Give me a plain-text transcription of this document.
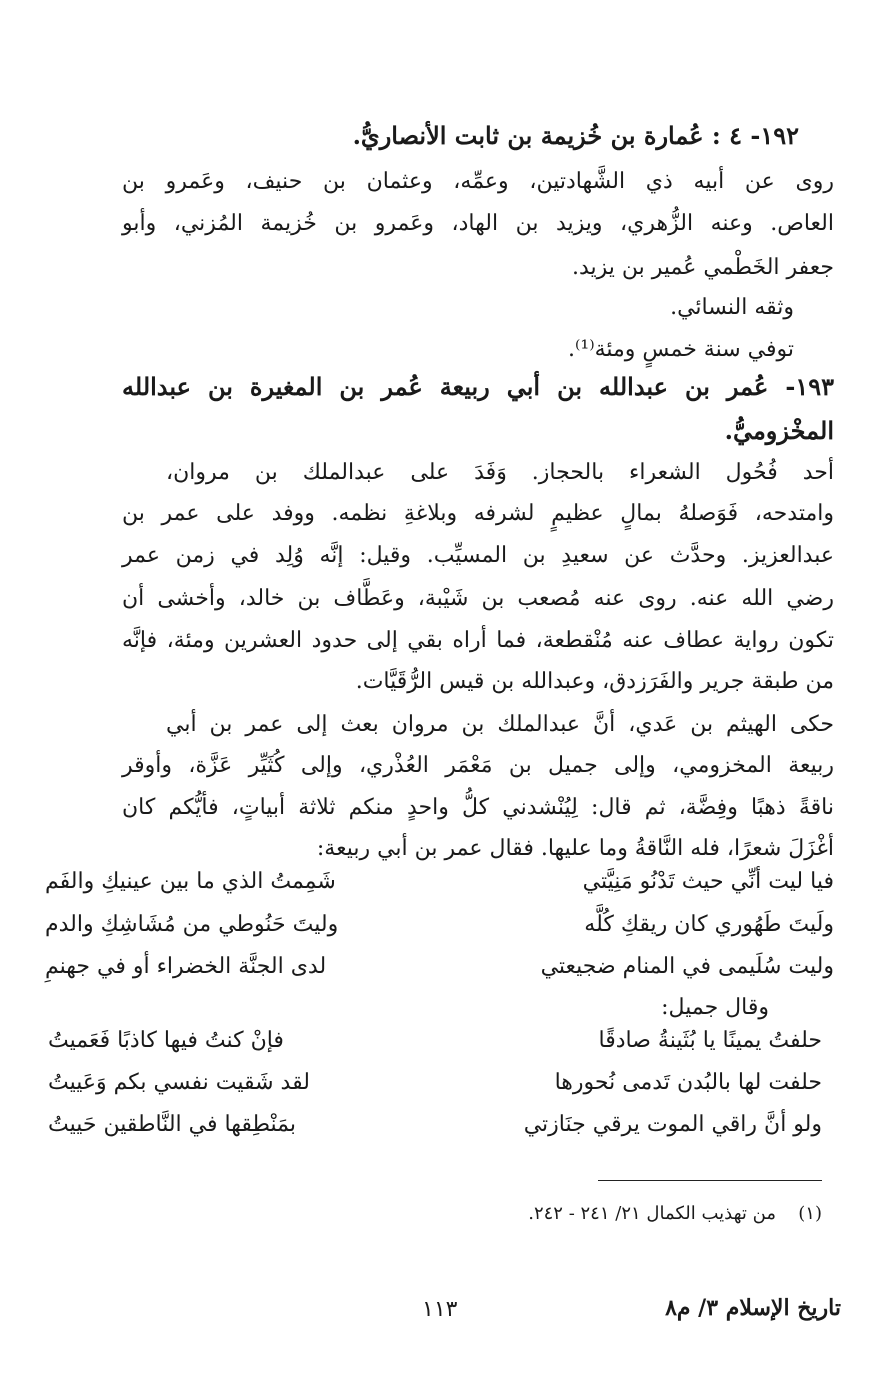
١٩٢- ٤ : عُمارة بن خُزيمة بن ثابت الأنصاريُّ.
روى عن أبيه ذي الشَّهادتين، وعمِّه، وعثمان بن حنيف، وعَمرو بن
العاص. وعنه الزُّهري، ويزيد بن الهاد، وعَمرو بن خُزيمة المُزني، وأبو
جعفر الخَطْمي عُمير بن يزيد.
وثقه النسائي.
توفي سنة خمسٍ ومئة⁽¹⁾.
١٩٣- عُمر بن عبدالله بن أبي ربيعة عُمر بن المغيرة بن عبدالله
المخْزوميُّ.
أحد فُحُول الشعراء بالحجاز. وَفَدَ على عبدالملك بن مروان،
وامتدحه، فَوَصلهُ بمالٍ عظيمٍ لشرفه وبلاغةِ نظمه. ووفد على عمر بن
عبدالعزيز. وحدَّث عن سعيدِ بن المسيِّب. وقيل: إنَّه وُلِد في زمن عمر
رضي الله عنه. روى عنه مُصعب بن شَيْبة، وعَطَّاف بن خالد، وأخشى أن
تكون رواية عطاف عنه مُنْقطعة، فما أراه بقي إلى حدود العشرين ومئة، فإنَّه
من طبقة جرير والفَرَزدق، وعبدالله بن قيس الرُّقَيَّات.
حكى الهيثم بن عَدي، أنَّ عبدالملك بن مروان بعث إلى عمر بن أبي
ربيعة المخزومي، وإلى جميل بن مَعْمَر العُذْري، وإلى كُثَيِّر عَزَّة، وأوقر
ناقةً ذهبًا وفِضَّة، ثم قال: لِيُنْشدني كلُّ واحدٍ منكم ثلاثة أبياتٍ، فأيُّكم كان
أغْزَلَ شعرًا، فله النَّاقةُ وما عليها. فقال عمر بن أبي ربيعة:
فيا ليت أنِّي حيث تَدْنُو مَنِيَّتي
شَمِمتُ الذي ما بين عينيكِ والفَم
ولَيتَ طَهُوري كان ريقكِ كُلَّه
وليتَ حَنُوطي من مُشَاشِكِ والدم
وليت سُلَيمى في المنام ضجيعتي
لدى الجنَّة الخضراء أو في جهنمِ
وقال جميل:
حلفتُ يمينًا يا بُثَينةُ صادقًا
فإنْ كنتُ فيها كاذبًا فَعَميتُ
حلفت لها بالبُدن تَدمى نُحورها
لقد شَقيت نفسي بكم وَعَييتُ
ولو أنَّ راقي الموت يرقي جنَازتي
بمَنْطِقها في النَّاطقين حَييتُ
(١)
من تهذيب الكمال ٢١/ ٢٤١ - ٢٤٢.
١١٣	تاريخ الإسلام ٣/ م٨
